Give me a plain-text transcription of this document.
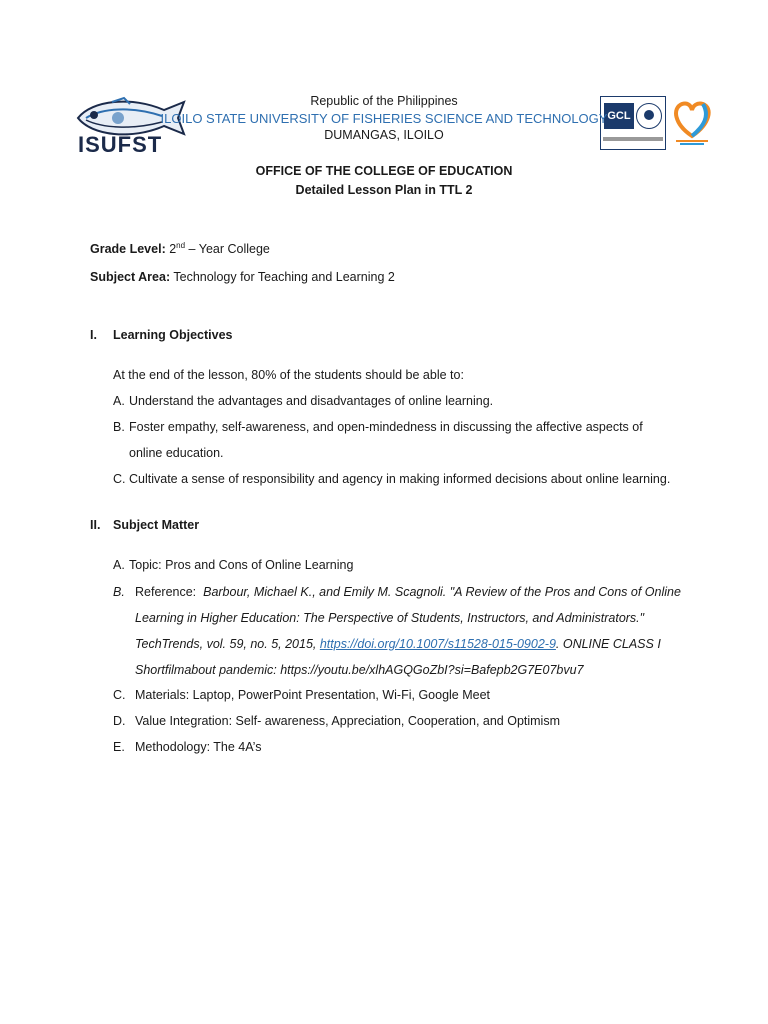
ISUFST
GCL
Republic of the Philippines
ILOILO STATE UNIVERSITY OF FISHERIES SCIENCE AND TECHNOLOGY
DUMANGAS, ILOILO
OFFICE OF THE COLLEGE OF EDUCATION
Detailed Lesson Plan in TTL 2
Grade Level: 2nd – Year College
Subject Area: Technology for Teaching and Learning 2
I. Learning Objectives
At the end of the lesson, 80% of the students should be able to:
A. Understand the advantages and disadvantages of online learning.
B. Foster empathy, self-awareness, and open-mindedness in discussing the affective aspects of
online education.
C. Cultivate a sense of responsibility and agency in making informed decisions about online learning.
II. Subject Matter
A. Topic: Pros and Cons of Online Learning
B. Reference: Barbour, Michael K., and Emily M. Scagnoli. "A Review of the Pros and Cons of Online
Learning in Higher Education: The Perspective of Students, Instructors, and Administrators."
TechTrends, vol. 59, no. 5, 2015, https://doi.org/10.1007/s11528-015-0902-9. ONLINE CLASS I
Shortfilmabout pandemic: https://youtu.be/xlhAGQGoZbI?si=Bafepb2G7E07bvu7
C. Materials: Laptop, PowerPoint Presentation, Wi-Fi, Google Meet
D. Value Integration: Self- awareness, Appreciation, Cooperation, and Optimism
E. Methodology: The 4A’s
